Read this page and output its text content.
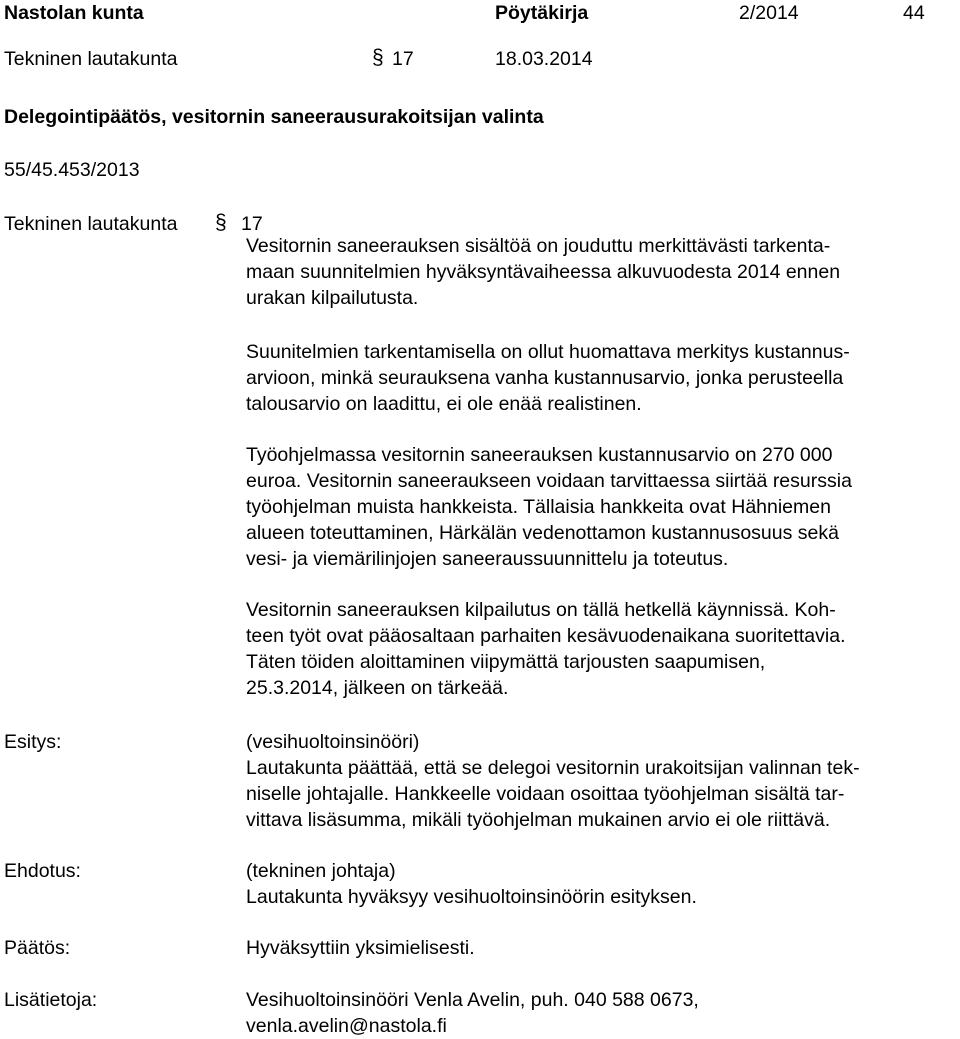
Nastolan kunta	Pöytäkirja	2/2014	44
Tekninen lautakunta	§ 17	18.03.2014
Delegointipäätös, vesitornin saneerausurakoitsijan valinta
55/45.453/2013
Tekninen lautakunta § 17
Vesitornin saneerauksen sisältöä on jouduttu merkittävästi tarkenta-
maan suunnitelmien hyväksyntävaiheessa alkuvuodesta 2014 ennen
urakan kilpailutusta.
Suunitelmien tarkentamisella on ollut huomattava merkitys kustannus-
arvioon, minkä seurauksena vanha kustannusarvio, jonka perusteella
talousarvio on laadittu, ei ole enää realistinen.
Työohjelmassa vesitornin saneerauksen kustannusarvio on 270 000
euroa. Vesitornin saneeraukseen voidaan tarvittaessa siirtää resurssia
työohjelman muista hankkeista. Tällaisia hankkeita ovat Hähniemen
alueen toteuttaminen, Härkälän vedenottamon kustannusosuus sekä
vesi- ja viemärilinjojen saneeraussuunnittelu ja toteutus.
Vesitornin saneerauksen kilpailutus on tällä hetkellä käynnissä. Koh-
teen työt ovat pääosaltaan parhaiten kesävuodenaikana suoritettavia.
Täten töiden aloittaminen viipymättä tarjousten saapumisen,
25.3.2014, jälkeen on tärkeää.
Esitys:	(vesihuoltoinsinööri)
Lautakunta päättää, että se delegoi vesitornin urakoitsijan valinnan tek-
niselle johtajalle. Hankkeelle voidaan osoittaa työohjelman sisältä tar-
vittava lisäsumma, mikäli työohjelman mukainen arvio ei ole riittävä.
Ehdotus:	(tekninen johtaja)
Lautakunta hyväksyy vesihuoltoinsinöörin esityksen.
Päätös:	Hyväksyttiin yksimielisesti.
Lisätietoja:	Vesihuoltoinsinööri Venla Avelin, puh. 040 588 0673,
venla.avelin@nastola.fi
